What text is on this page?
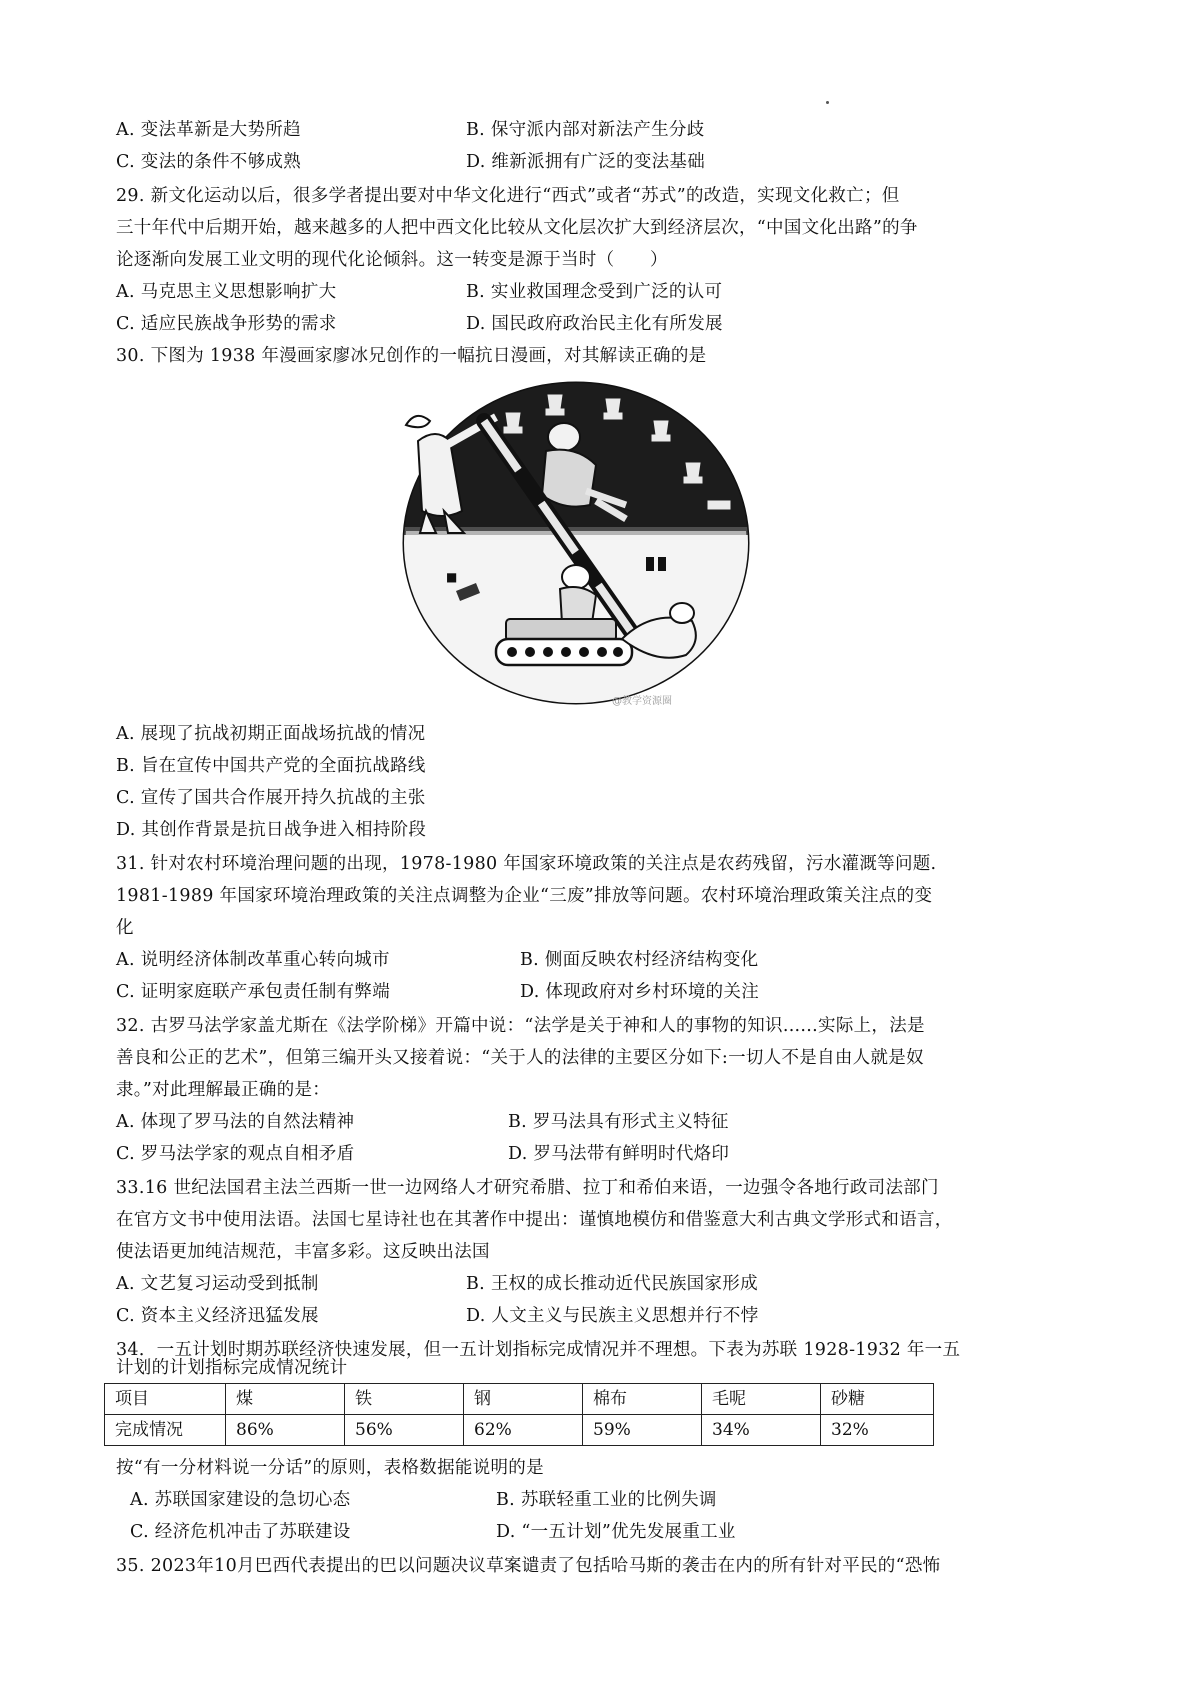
A. 变法革新是大势所趋	B. 保守派内部对新法产生分歧
C. 变法的条件不够成熟	D. 维新派拥有广泛的变法基础
29. 新文化运动以后，很多学者提出要对中华文化进行“西式”或者“苏式”的改造，实现文化救亡；但
三十年代中后期开始，越来越多的人把中西文化比较从文化层次扩大到经济层次，“中国文化出路”的争
论逐渐向发展工业文明的现代化论倾斜。这一转变是源于当时（　　）
A. 马克思主义思想影响扩大	B. 实业救国理念受到广泛的认可
C. 适应民族战争形势的需求	D. 国民政府政治民主化有所发展
30. 下图为 1938 年漫画家廖冰兄创作的一幅抗日漫画，对其解读正确的是
■
@教学资源圈
A. 展现了抗战初期正面战场抗战的情况
B. 旨在宣传中国共产党的全面抗战路线
C. 宣传了国共合作展开持久抗战的主张
D. 其创作背景是抗日战争进入相持阶段
31. 针对农村环境治理问题的出现，1978-1980 年国家环境政策的关注点是农药残留，污水灌溉等问题.
1981-1989 年国家环境治理政策的关注点调整为企业“三废”排放等问题。农村环境治理政策关注点的变
化
A. 说明经济体制改革重心转向城市	B. 侧面反映农村经济结构变化
C. 证明家庭联产承包责任制有弊端	D. 体现政府对乡村环境的关注
32. 古罗马法学家盖尤斯在《法学阶梯》开篇中说：“法学是关于神和人的事物的知识......实际上，法是
善良和公正的艺术”，但第三编开头又接着说：“关于人的法律的主要区分如下:一切人不是自由人就是奴
隶。”对此理解最正确的是：
A. 体现了罗马法的自然法精神	B. 罗马法具有形式主义特征
C. 罗马法学家的观点自相矛盾	D. 罗马法带有鲜明时代烙印
33.16 世纪法国君主法兰西斯一世一边网络人才研究希腊、拉丁和希伯来语，一边强令各地行政司法部门
在官方文书中使用法语。法国七星诗社也在其著作中提出：谨慎地模仿和借鉴意大利古典文学形式和语言，
使法语更加纯洁规范，丰富多彩。这反映出法国
A. 文艺复习运动受到抵制	B. 王权的成长推动近代民族国家形成
C. 资本主义经济迅猛发展	D. 人文主义与民族主义思想并行不悖
34．一五计划时期苏联经济快速发展，但一五计划指标完成情况并不理想。下表为苏联 1928-1932 年一五
计划的计划指标完成情况统计
项目	煤	铁	钢	棉布	毛呢	砂糖
完成情况	86%	56%	62%	59%	34%	32%
按“有一分材料说一分话”的原则，表格数据能说明的是
A. 苏联国家建设的急切心态	B. 苏联轻重工业的比例失调
C. 经济危机冲击了苏联建设	D. “一五计划”优先发展重工业
35. 2023年10月巴西代表提出的巴以问题决议草案谴责了包括哈马斯的袭击在内的所有针对平民的“恐怖
